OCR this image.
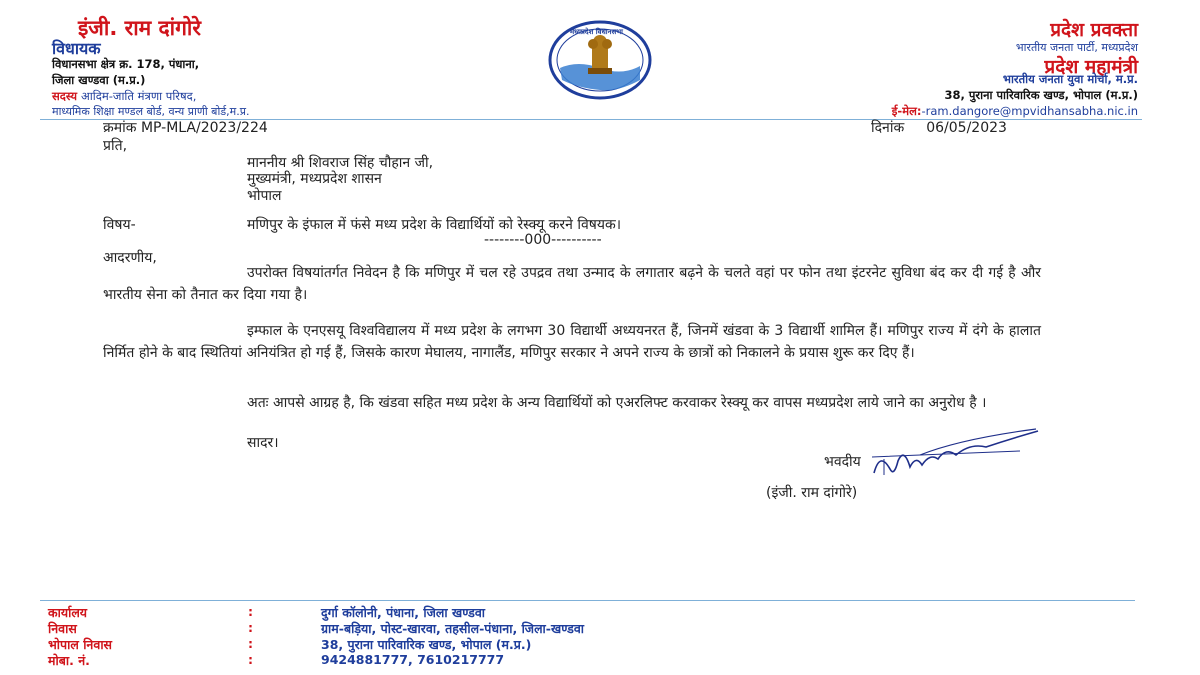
इंजी. राम दांगोरे
विधायक
विधानसभा क्षेत्र क्र. 178, पंधाना,
जिला खण्डवा (म.प्र.)
सदस्य आदिम-जाति मंत्रणा परिषद,
माध्यमिक शिक्षा मण्डल बोर्ड, वन्य प्राणी बोर्ड,म.प्र.
मध्यप्रदेश विधानसभा	प्रदेश प्रवक्ता
भारतीय जनता पार्टी, मध्यप्रदेश
प्रदेश महामंत्री
भारतीय जनता युवा मोर्चा, म.प्र.
38, पुराना पारिवारिक खण्ड, भोपाल (म.प्र.)
ई-मेल:-ram.dangore@mpvidhansabha.nic.in
क्रमांक MP-MLA/2023/224	दिनांक 06/05/2023
प्रति,
माननीय श्री शिवराज सिंह चौहान जी,
मुख्यमंत्री, मध्यप्रदेश शासन
भोपाल
विषय-	मणिपुर के इंफाल में फंसे मध्य प्रदेश के विद्यार्थियों को रेस्क्यू करने विषयक।
--------000----------
आदरणीय,
उपरोक्त विषयांतर्गत निवेदन है कि मणिपुर में चल रहे उपद्रव तथा उन्माद के लगातार बढ़ने के चलते वहां पर फोन तथा इंटरनेट सुविधा बंद कर दी गई है और भारतीय सेना को तैनात कर दिया गया है।
इम्फाल के एनएसयू विश्वविद्यालय में मध्य प्रदेश के लगभग 30 विद्यार्थी अध्ययनरत हैं, जिनमें खंडवा के 3 विद्यार्थी शामिल हैं। मणिपुर राज्य में दंगे के हालात निर्मित होने के बाद स्थितियां अनियंत्रित हो गई हैं, जिसके कारण मेघालय, नागालैंड, मणिपुर सरकार ने अपने राज्य के छात्रों को निकालने के प्रयास शुरू कर दिए हैं।
अतः आपसे आग्रह है, कि खंडवा सहित मध्य प्रदेश के अन्य विद्यार्थियों को एअरलिफ्ट करवाकर रेस्क्यू कर वापस मध्यप्रदेश लाये जाने का अनुरोध है ।
सादर।
भवदीय
(इंजी. राम दांगोरे)
कार्यालय	:	दुर्गा कॉलोनी, पंधाना, जिला खण्डवा
निवास	:	ग्राम-बड़िया, पोस्ट-खारवा, तहसील-पंधाना, जिला-खण्डवा
भोपाल निवास	:	38, पुराना पारिवारिक खण्ड, भोपाल (म.प्र.)
मोबा. नं.	:	9424881777, 7610217777
